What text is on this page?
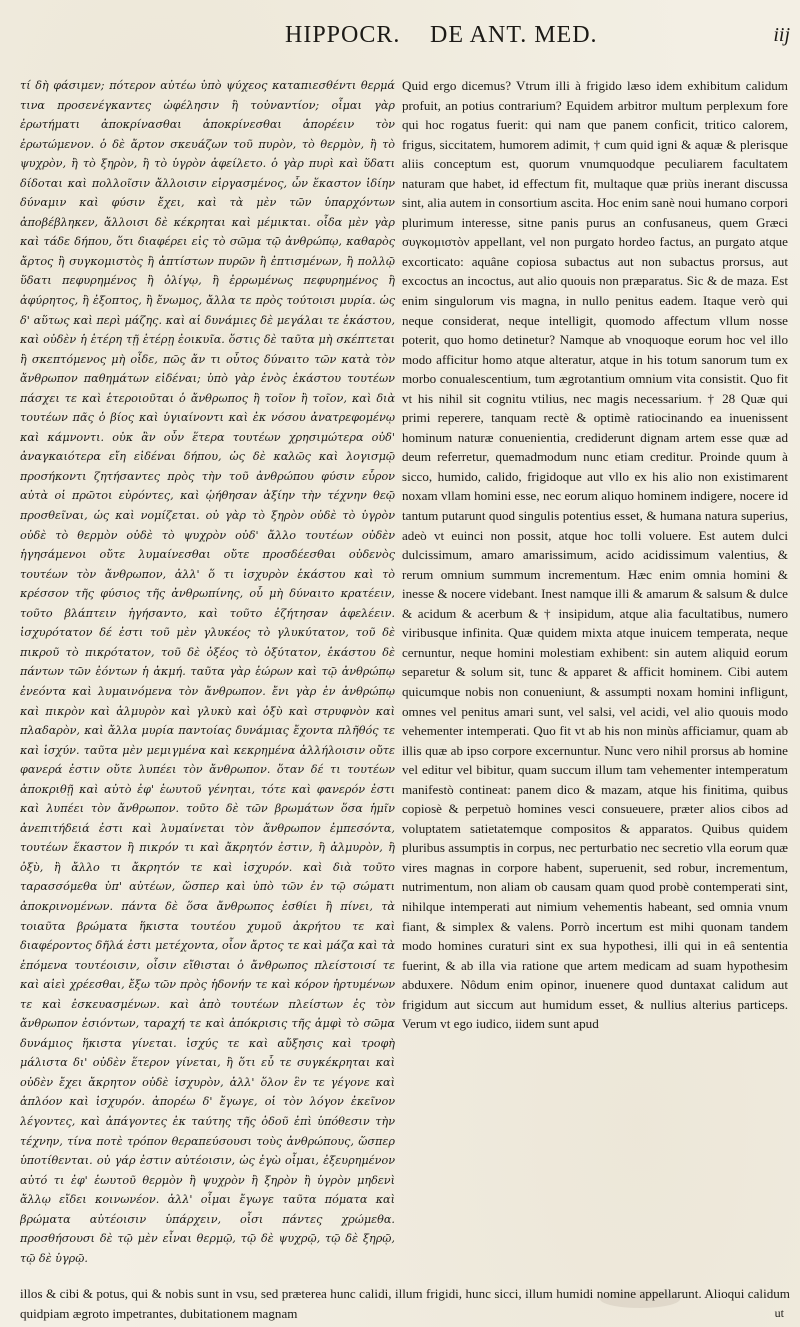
HIPPOCR. DE ANT. MED.	iij

τί δὴ φάσιμεν; πότερον αὐτέω ὑπὸ ψύχεος καταπιεσθέντι θερμά τινα προσενέγκαντες ὠφέλησιν ἢ τοὐναντίον; οἶμαι γὰρ ἐρωτήματι ἀποκρίνασθαι ἀποκρίνεσθαι ἀπορέειν τὸν ἐρωτώμενον. ὁ δὲ ἄρτον σκευάζων τοῦ πυρὸν, τὸ θερμὸν, ἢ τὸ ψυχρὸν, ἢ τὸ ξηρὸν, ἢ τὸ ὑγρὸν ἀφείλετο. ὁ γὰρ πυρὶ καὶ ὕδατι δίδοται καὶ πολλοῖσιν ἄλλοισιν εἰργασμένος, ὧν ἕκαστον ἰδίην δύναμιν καὶ φύσιν ἔχει, καὶ τὰ μὲν τῶν ὑπαρχόντων ἀποβέβληκεν, ἄλλοισι δὲ κέκρηται καὶ μέμικται. οἶδα μὲν γὰρ καὶ τάδε δήπου, ὅτι διαφέρει εἰς τὸ σῶμα τῷ ἀνθρώπῳ, καθαρὸς ἄρτος ἢ συγκομιστὸς ἢ ἀπτίστων πυρῶν ἢ ἐπτισμένων, ἢ πολλῷ ὕδατι πεφυρημένος ἢ ὀλίγῳ, ἢ ἐρρωμένως πεφυρημένος ἢ ἀφύρητος, ἢ ἐξοπτος, ἢ ἔνωμος, ἄλλα τε πρὸς τούτοισι μυρία. ὡς δ' αὕτως καὶ περὶ μάζης. καὶ αἱ δυνάμιες δὲ μεγάλαι τε ἑκάστου, καὶ οὐδὲν ἡ ἑτέρη τῇ ἑτέρῃ ἐοικυῖα. ὅστις δὲ ταῦτα μὴ σκέπτεται ἢ σκεπτόμενος μὴ οἶδε, πῶς ἄν τι οὗτος δύναιτο τῶν κατὰ τὸν ἄνθρωπον παθημάτων εἰδέναι; ὑπὸ γὰρ ἑνὸς ἑκάστου τουτέων πάσχει τε καὶ ἑτεροιοῦται ὁ ἄνθρωπος ἢ τοῖον ἢ τοῖον, καὶ διὰ τουτέων πᾶς ὁ βίος καὶ ὑγιαίνοντι καὶ ἐκ νόσου ἀνατρεφομένῳ καὶ κάμνοντι. οὐκ ἂν οὖν ἕτερα τουτέων χρησιμώτερα οὐδ' ἀναγκαιότερα εἴη εἰδέναι δήπου, ὡς δὲ καλῶς καὶ λογισμῷ προσήκοντι ζητήσαντες πρὸς τὴν τοῦ ἀνθρώπου φύσιν εὗρον αὐτὰ οἱ πρῶτοι εὑρόντες, καὶ ᾠήθησαν ἀξίην τὴν τέχνην θεῷ προσθεῖναι, ὡς καὶ νομίζεται. οὐ γὰρ τὸ ξηρὸν οὐδὲ τὸ ὑγρὸν οὐδὲ τὸ θερμὸν οὐδὲ τὸ ψυχρὸν οὐδ' ἄλλο τουτέων οὐδὲν ἡγησάμενοι οὔτε λυμαίνεσθαι οὔτε προσδέεσθαι οὐδενὸς τουτέων τὸν ἄνθρωπον, ἀλλ' ὅ τι ἰσχυρὸν ἑκάστου καὶ τὸ κρέσσον τῆς φύσιος τῆς ἀνθρωπίνης, οὗ μὴ δύναιτο κρατέειν, τοῦτο βλάπτειν ἡγήσαντο, καὶ τοῦτο ἐζήτησαν ἀφελέειν. ἰσχυρότατον δέ ἐστι τοῦ μὲν γλυκέος τὸ γλυκύτατον, τοῦ δὲ πικροῦ τὸ πικρότατον, τοῦ δὲ ὀξέος τὸ ὀξύτατον, ἑκάστου δὲ πάντων τῶν ἐόντων ἡ ἀκμή. ταῦτα γὰρ ἑώρων καὶ τῷ ἀνθρώπῳ ἐνεόντα καὶ λυμαινόμενα τὸν ἄνθρωπον. ἔνι γὰρ ἐν ἀνθρώπῳ καὶ πικρὸν καὶ ἁλμυρὸν καὶ γλυκὺ καὶ ὀξὺ καὶ στρυφνὸν καὶ πλαδαρὸν, καὶ ἄλλα μυρία παντοίας δυνάμιας ἔχοντα πλῆθός τε καὶ ἰσχύν. ταῦτα μὲν μεμιγμένα καὶ κεκρημένα ἀλλήλοισιν οὔτε φανερά ἐστιν οὔτε λυπέει τὸν ἄνθρωπον. ὅταν δέ τι τουτέων ἀποκριθῇ καὶ αὐτὸ ἐφ' ἑωυτοῦ γένηται, τότε καὶ φανερόν ἐστι καὶ λυπέει τὸν ἄνθρωπον. τοῦτο δὲ τῶν βρωμάτων ὅσα ἡμῖν ἀνεπιτήδειά ἐστι καὶ λυμαίνεται τὸν ἄνθρωπον ἐμπεσόντα, τουτέων ἕκαστον ἢ πικρόν τι καὶ ἄκρητόν ἐστιν, ἢ ἁλμυρὸν, ἢ ὀξὺ, ἢ ἄλλο τι ἄκρητόν τε καὶ ἰσχυρόν. καὶ διὰ τοῦτο ταρασσόμεθα ὑπ' αὐτέων, ὥσπερ καὶ ὑπὸ τῶν ἐν τῷ σώματι ἀποκρινομένων. πάντα δὲ ὅσα ἄνθρωπος ἐσθίει ἢ πίνει, τὰ τοιαῦτα βρώματα ἥκιστα τουτέου χυμοῦ ἀκρήτου τε καὶ διαφέροντος δῆλά ἐστι μετέχοντα, οἷον ἄρτος τε καὶ μάζα καὶ τὰ ἑπόμενα τουτέοισιν, οἷσιν εἴθισται ὁ ἄνθρωπος πλείστοισί τε καὶ αἰεὶ χρέεσθαι, ἔξω τῶν πρὸς ἡδονήν τε καὶ κόρον ἠρτυμένων τε καὶ ἐσκευασμένων. καὶ ἀπὸ τουτέων πλείστων ἐς τὸν ἄνθρωπον ἐσιόντων, ταραχή τε καὶ ἀπόκρισις τῆς ἀμφὶ τὸ σῶμα δυνάμιος ἥκιστα γίνεται. ἰσχύς τε καὶ αὔξησις καὶ τροφὴ μάλιστα δι' οὐδὲν ἕτερον γίνεται, ἢ ὅτι εὖ τε συγκέκρηται καὶ οὐδὲν ἔχει ἄκρητον οὐδὲ ἰσχυρὸν, ἀλλ' ὅλον ἓν τε γέγονε καὶ ἁπλόον καὶ ἰσχυρόν. ἀπορέω δ' ἔγωγε, οἱ τὸν λόγον ἐκεῖνον λέγοντες, καὶ ἀπάγοντες ἐκ ταύτης τῆς ὁδοῦ ἐπὶ ὑπόθεσιν τὴν τέχνην, τίνα ποτὲ τρόπον θεραπεύσουσι τοὺς ἀνθρώπους, ὥσπερ ὑποτίθενται. οὐ γάρ ἐστιν αὐτέοισιν, ὡς ἐγὼ οἶμαι, ἐξευρημένον αὐτό τι ἐφ' ἑωυτοῦ θερμὸν ἢ ψυχρὸν ἢ ξηρὸν ἢ ὑγρὸν μηδενὶ ἄλλῳ εἴδει κοινωνέον. ἀλλ' οἶμαι ἔγωγε ταῦτα πόματα καὶ βρώματα αὐτέοισιν ὑπάρχειν, οἷσι πάντες χρώμεθα. προσθήσουσι δὲ τῷ μὲν εἶναι θερμῷ, τῷ δὲ ψυχρῷ, τῷ δὲ ξηρῷ, τῷ δὲ ὑγρῷ.

Quid ergo dicemus? Vtrum illi à frigido læso idem exhibitum calidum profuit, an potius contrarium? Equidem arbitror multum perplexum fore qui hoc rogatus fuerit: qui nam que panem conficit, tritico calorem, frigus, siccitatem, humorem adimit, † cum quid igni & aquæ & plerisque aliis conceptum est, quorum vnumquodque peculiarem facultatem naturam que habet, id effectum fit, multaque quæ priùs inerant discussa sint, alia autem in consortium ascita. Hoc enim sanè noui humano corpori plurimum interesse, sitne panis purus an confusaneus, quem Græci συγκομιστὸν appellant, vel non purgato hordeo factus, an purgato atque excorticato: aquâne copiosa subactus aut non subactus prorsus, aut excoctus an incoctus, aut alio quouis non præparatus. Sic & de maza. Est enim singulorum vis magna, in nullo penitus eadem. Itaque verò qui neque considerat, neque intelligit, quomodo affectum vllum nosse poterit, quo homo detinetur? Namque ab vnoquoque eorum hoc vel illo modo afficitur homo atque alteratur, atque in his totum sanorum tum ex morbo conualescentium, tum ægrotantium omnium vita consistit. Quo fit vt his nihil sit cognitu vtilius, nec magis necessarium. † 28 Quæ qui primi reperere, tanquam rectè & optimè ratiocinando ea inuenissent hominum naturæ conuenientia, crediderunt dignam artem esse quæ ad deum referretur, quemadmodum nunc etiam creditur. Proinde quum à sicco, humido, calido, frigidoque aut vllo ex his alio non existimarent noxam vllam homini esse, nec eorum aliquo hominem indigere, nocere id tantum putarunt quod singulis potentius esset, & humana natura superius, adeò vt euinci non possit, atque hoc tolli voluere. Est autem dulci dulcissimum, amaro amarissimum, acido acidissimum valentius, & rerum omnium summum incrementum. Hæc enim omnia homini & inesse & nocere videbant. Inest namque illi & amarum & salsum & dulce & acidum & acerbum & † insipidum, atque alia facultatibus, numero viribusque infinita. Quæ quidem mixta atque inuicem temperata, neque cernuntur, neque homini molestiam exhibent: sin autem aliquid eorum separetur & solum sit, tunc & apparet & afficit hominem. Cibi autem quicumque nobis non conueniunt, & assumpti noxam homini infligunt, omnes vel penitus amari sunt, vel salsi, vel acidi, vel alio quouis modo vehementer intemperati. Quo fit vt ab his non minùs afficiamur, quam ab illis quæ ab ipso corpore excernuntur. Nunc vero nihil prorsus ab homine vel editur vel bibitur, quam succum illum tam vehementer intemperatum manifestò contineat: panem dico & mazam, atque his finitima, quibus copiosè & perpetuò homines vesci consueuere, præter alios cibos ad voluptatem satietatemque compositos & apparatos. Quibus quidem pluribus assumptis in corpus, nec perturbatio nec secretio vlla eorum quæ vires magnas in corpore habent, superuenit, sed robur, incrementum, nutrimentum, non aliam ob causam quam quod probè contemperati sint, nihilque intemperati aut nimium vehementis habeant, sed omnia vnum fiant, & simplex & valens. Porrò incertum est mihi quonam tandem modo homines curaturi sint ex sua hypothesi, illi qui in eâ sententia fuerint, & ab illa via ratione que artem medicam ad suam hypothesim abduxere. Nôdum enim opinor, inuenere quod duntaxat calidum aut frigidum aut siccum aut humidum esset, & nullius alterius particeps. Verum vt ego iudico, iidem sunt apud

illos & cibi & potus, qui & nobis sunt in vsu, sed præterea hunc calidi, illum frigidi, hunc sicci, illum humidi nomine appellarunt. Alioqui calidum quidpiam ægroto impetrantes, dubitationem magnam	ut
